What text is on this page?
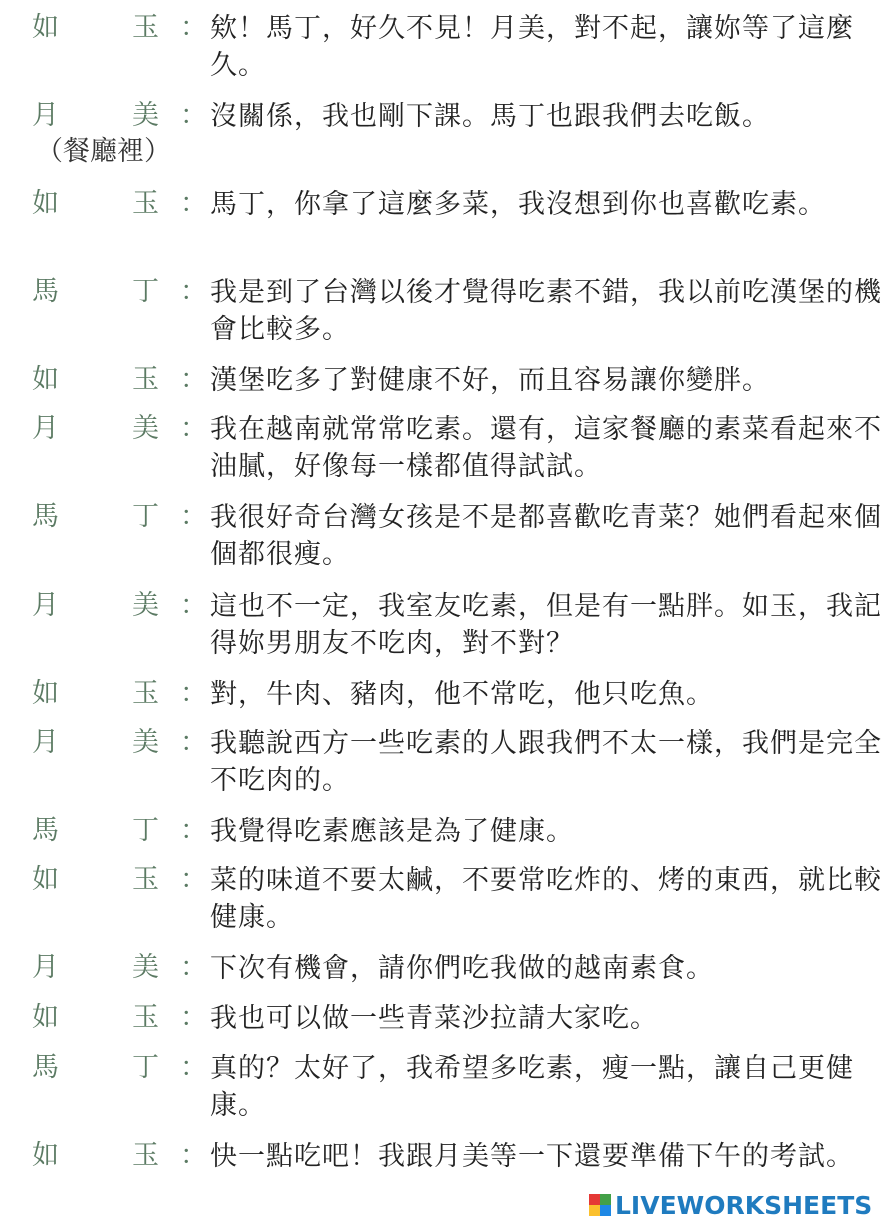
如	玉 ： 欸！馬丁，好久不見！月美，對不起，讓妳等了這麼久。
月	美 ： 沒關係，我也剛下課。馬丁也跟我們去吃飯。
（餐廳裡）
如	玉 ： 馬丁，你拿了這麼多菜，我沒想到你也喜歡吃素。
馬	丁 ： 我是到了台灣以後才覺得吃素不錯，我以前吃漢堡的機會比較多。
如	玉 ： 漢堡吃多了對健康不好，而且容易讓你變胖。
月	美 ： 我在越南就常常吃素。還有，這家餐廳的素菜看起來不油膩，好像每一樣都值得試試。
馬	丁 ： 我很好奇台灣女孩是不是都喜歡吃青菜？她們看起來個個都很瘦。
月	美 ： 這也不一定，我室友吃素，但是有一點胖。如玉，我記得妳男朋友不吃肉，對不對？
如	玉 ： 對，牛肉、豬肉，他不常吃，他只吃魚。
月	美 ： 我聽說西方一些吃素的人跟我們不太一樣，我們是完全不吃肉的。
馬	丁 ： 我覺得吃素應該是為了健康。
如	玉 ： 菜的味道不要太鹹，不要常吃炸的、烤的東西，就比較健康。
月	美 ： 下次有機會，請你們吃我做的越南素食。
如	玉 ： 我也可以做一些青菜沙拉請大家吃。
馬	丁 ： 真的？太好了，我希望多吃素，瘦一點，讓自己更健康。
如	玉 ： 快一點吃吧！我跟月美等一下還要準備下午的考試。
LIVEWORKSHEETS
